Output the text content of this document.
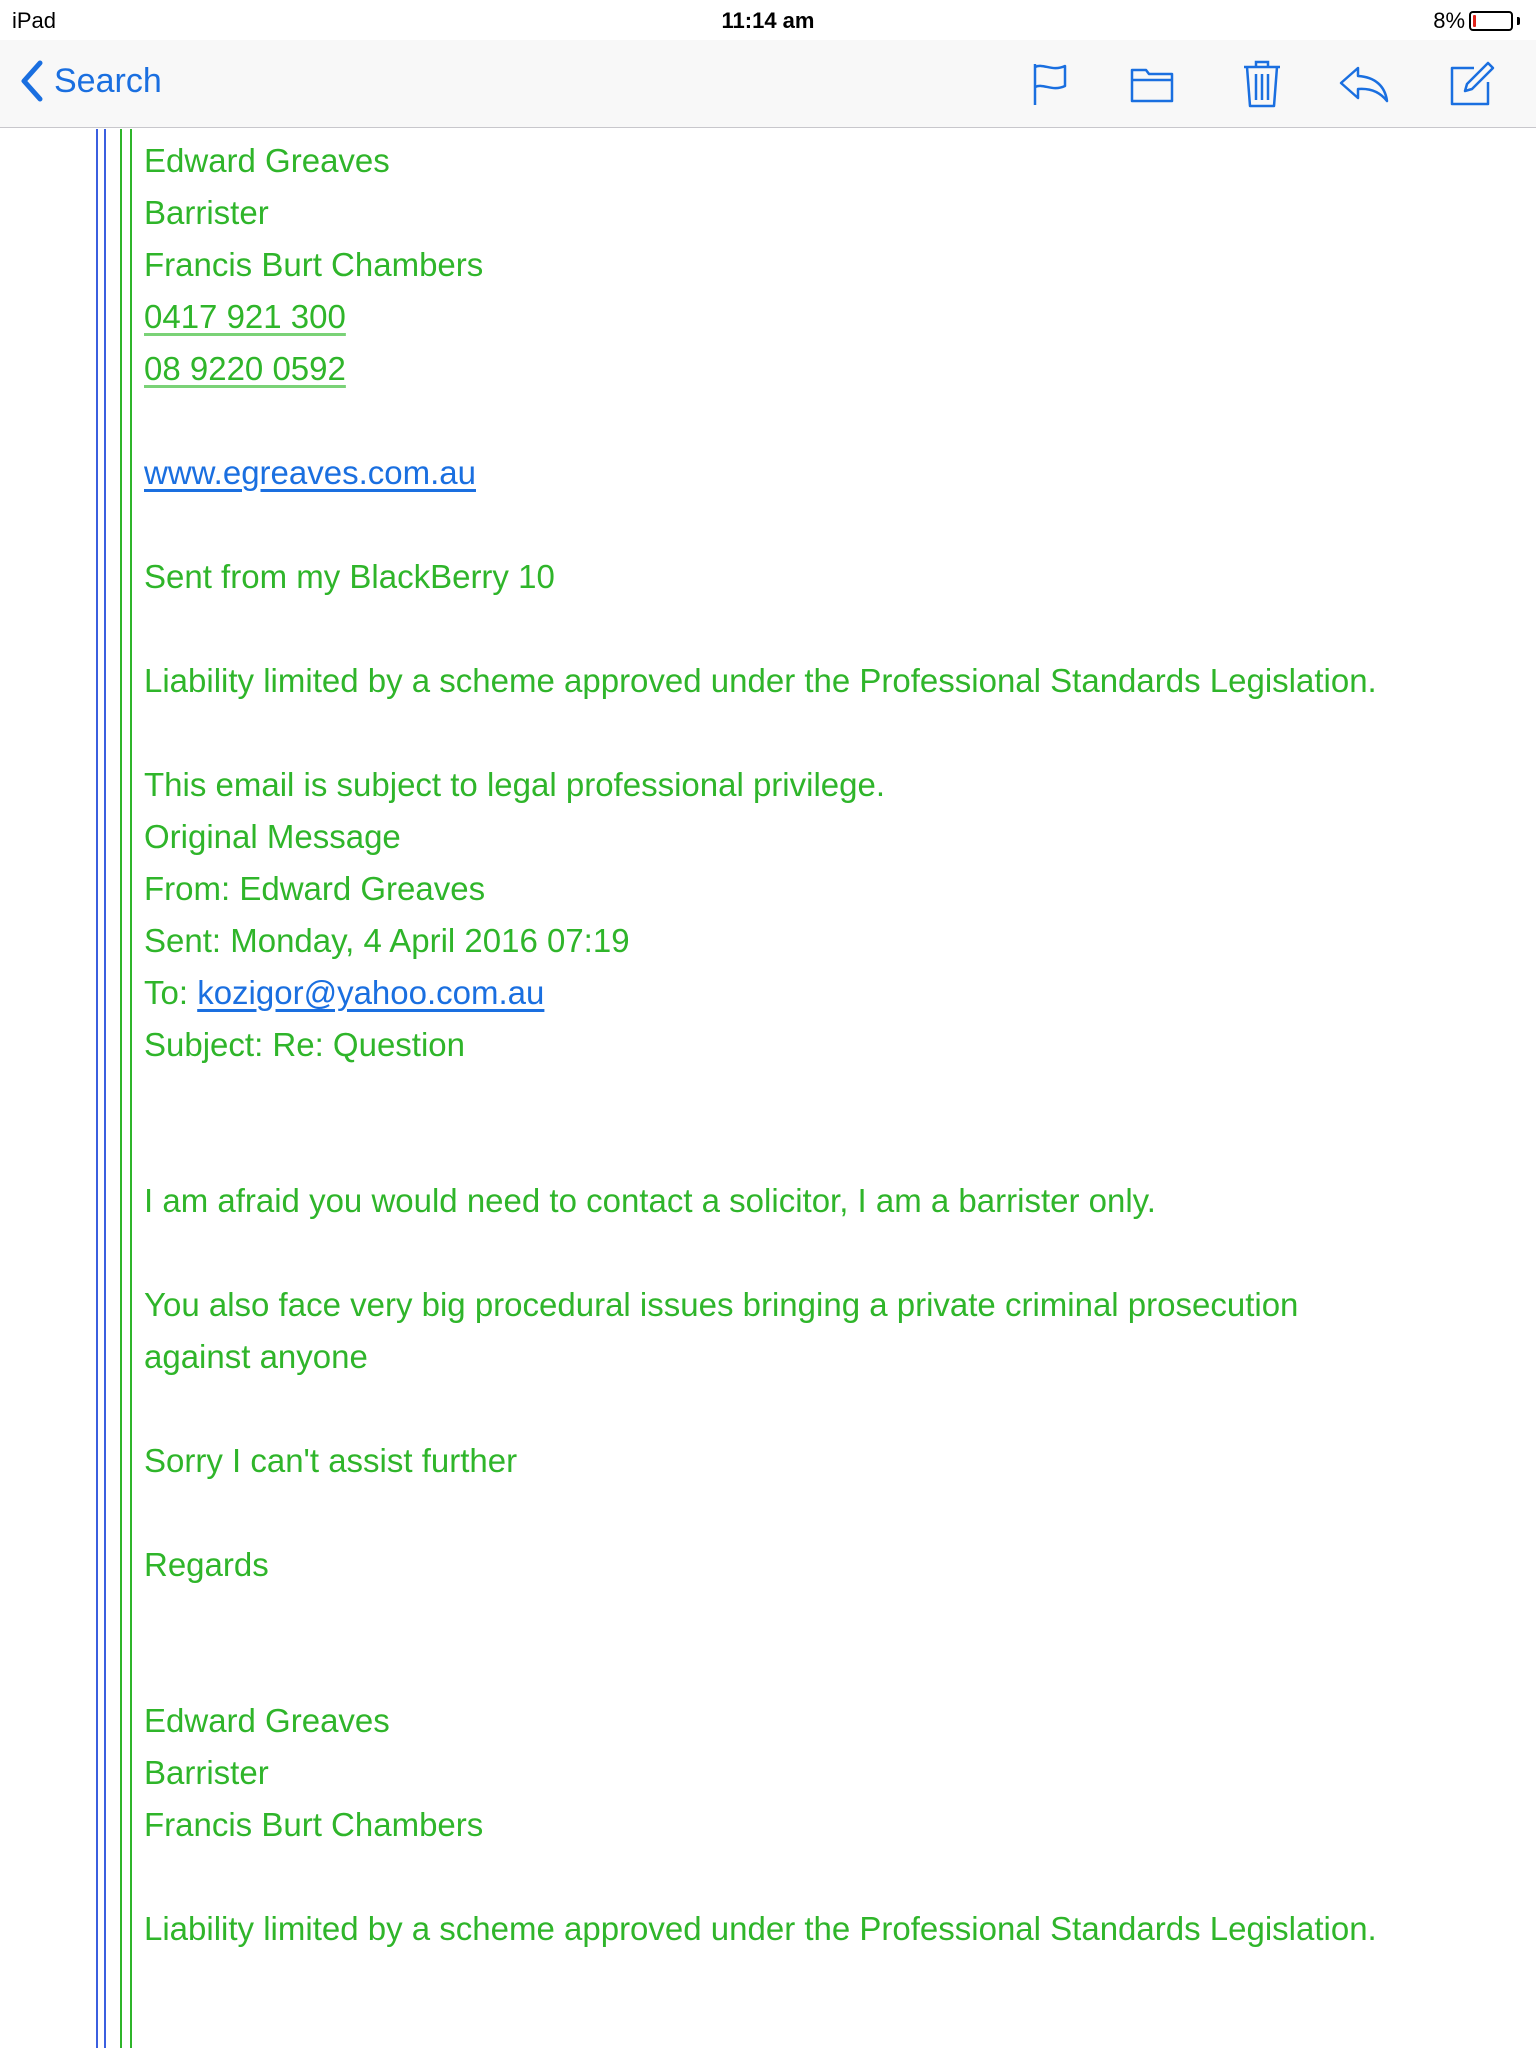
iPad	11:14 am	8%
Search
Edward Greaves
Barrister
Francis Burt Chambers
0417 921 300
08 9220 0592
www.egreaves.com.au
Sent from my BlackBerry 10
Liability limited by a scheme approved under the Professional Standards Legislation.
This email is subject to legal professional privilege.
Original Message
From: Edward Greaves
Sent: Monday, 4 April 2016 07:19
To: kozigor@yahoo.com.au
Subject: Re: Question
I am afraid you would need to contact a solicitor, I am a barrister only.
You also face very big procedural issues bringing a private criminal prosecution
against anyone
Sorry I can't assist further
Regards
Edward Greaves
Barrister
Francis Burt Chambers
Liability limited by a scheme approved under the Professional Standards Legislation.
